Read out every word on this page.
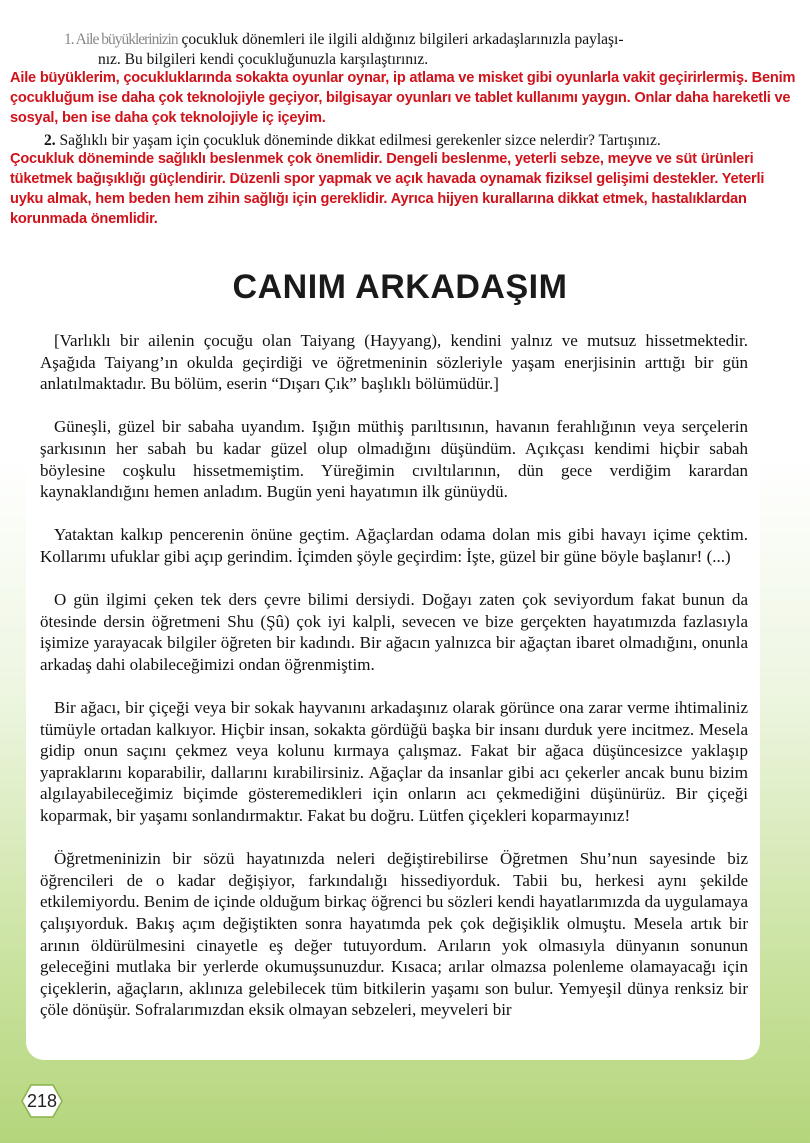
1. Aile büyüklerinizin çocukluk dönemleri ile ilgili aldığınız bilgileri arkadaşlarınızla paylaşı-
nız. Bu bilgileri kendi çocukluğunuzla karşılaştırınız.
Aile büyüklerim, çocukluklarında sokakta oyunlar oynar, ip atlama ve misket gibi oyunlarla vakit geçirirlermiş. Benim çocukluğum ise daha çok teknolojiyle geçiyor, bilgisayar oyunları ve tablet kullanımı yaygın. Onlar daha hareketli ve sosyal, ben ise daha çok teknolojiyle iç içeyim.
2. Sağlıklı bir yaşam için çocukluk döneminde dikkat edilmesi gerekenler sizce nelerdir? Tartışınız.
Çocukluk döneminde sağlıklı beslenmek çok önemlidir. Dengeli beslenme, yeterli sebze, meyve ve süt ürünleri tüketmek bağışıklığı güçlendirir. Düzenli spor yapmak ve açık havada oynamak fiziksel gelişimi destekler. Yeterli uyku almak, hem beden hem zihin sağlığı için gereklidir. Ayrıca hijyen kurallarına dikkat etmek, hastalıklardan korunmada önemlidir.
CANIM ARKADAŞIM

[Varlıklı bir ailenin çocuğu olan Taiyang (Hayyang), kendini yalnız ve mutsuz hissetmektedir. Aşağıda Taiyang’ın okulda geçirdiği ve öğretmeninin sözleriyle yaşam enerjisinin arttığı bir gün anlatılmaktadır. Bu bölüm, eserin “Dışarı Çık” başlıklı bölümüdür.]

Güneşli, güzel bir sabaha uyandım. Işığın müthiş parıltısının, havanın ferahlığının veya serçelerin şarkısının her sabah bu kadar güzel olup olmadığını düşündüm. Açıkçası kendimi hiçbir sabah böylesine coşkulu hissetmemiştim. Yüreğimin cıvıltılarının, dün gece verdiğim karardan kaynaklandığını hemen anladım. Bugün yeni hayatımın ilk günüydü.

Yataktan kalkıp pencerenin önüne geçtim. Ağaçlardan odama dolan mis gibi havayı içime çektim. Kollarımı ufuklar gibi açıp gerindim. İçimden şöyle geçirdim: İşte, güzel bir güne böyle başlanır! (...)

O gün ilgimi çeken tek ders çevre bilimi dersiydi. Doğayı zaten çok seviyordum fakat bunun da ötesinde dersin öğretmeni Shu (Şû) çok iyi kalpli, sevecen ve bize gerçekten hayatımızda fazlasıyla işimize yarayacak bilgiler öğreten bir kadındı. Bir ağacın yalnızca bir ağaçtan ibaret olmadığını, onunla arkadaş dahi olabileceğimizi ondan öğrenmiştim.

Bir ağacı, bir çiçeği veya bir sokak hayvanını arkadaşınız olarak görünce ona zarar verme ihtimaliniz tümüyle ortadan kalkıyor. Hiçbir insan, sokakta gördüğü başka bir insanı durduk yere incitmez. Mesela gidip onun saçını çekmez veya kolunu kırmaya çalışmaz. Fakat bir ağaca düşüncesizce yaklaşıp yapraklarını koparabilir, dallarını kırabilirsiniz. Ağaçlar da insanlar gibi acı çekerler ancak bunu bizim algılayabileceğimiz biçimde gösteremedikleri için onların acı çekmediğini düşünürüz. Bir çiçeği koparmak, bir yaşamı sonlandırmaktır. Fakat bu doğru. Lütfen çiçekleri koparmayınız!

Öğretmeninizin bir sözü hayatınızda neleri değiştirebilirse Öğretmen Shu’nun sayesinde biz öğrencileri de o kadar değişiyor, farkındalığı hissediyorduk. Tabii bu, herkesi aynı şekilde etkilemiyordu. Benim de içinde olduğum birkaç öğrenci bu sözleri kendi hayatlarımızda da uygulamaya çalışıyorduk. Bakış açım değiştikten sonra hayatımda pek çok değişiklik olmuştu. Mesela artık bir arının öldürülmesini cinayetle eş değer tutuyordum. Arıların yok olmasıyla dünyanın sonunun geleceğini mutlaka bir yerlerde okumuşsunuzdur. Kısaca; arılar olmazsa polenleme olamayacağı için çiçeklerin, ağaçların, aklınıza gelebilecek tüm bitkilerin yaşamı son bulur. Yemyeşil dünya renksiz bir çöle dönüşür. Sofralarımızdan eksik olmayan sebzeleri, meyveleri bir

218
